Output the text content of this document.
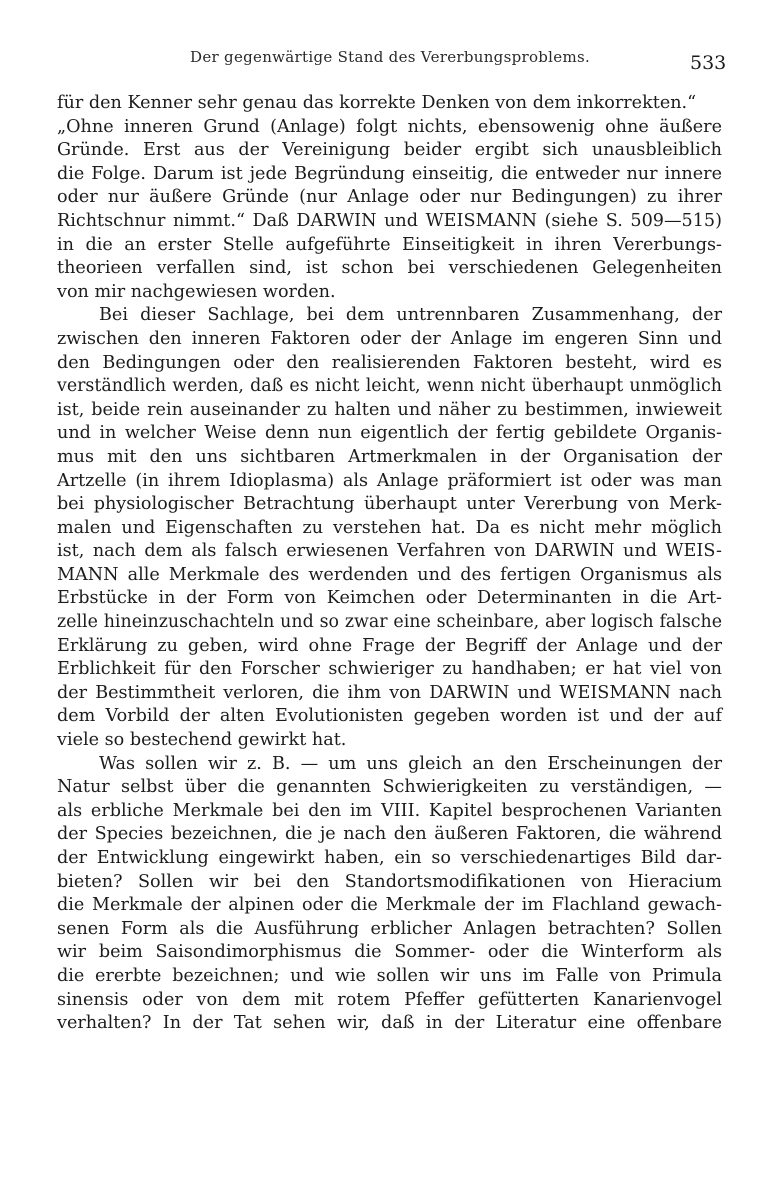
Der gegenwärtige Stand des Vererbungsproblems.	533
für den Kenner sehr genau das korrekte Denken von dem inkorrekten.“
„Ohne inneren Grund (Anlage) folgt nichts, ebensowenig ohne äußere
Gründe. Erst aus der Vereinigung beider ergibt sich unausbleiblich
die Folge. Darum ist jede Begründung einseitig, die entweder nur innere
oder nur äußere Gründe (nur Anlage oder nur Bedingungen) zu ihrer
Richtschnur nimmt.“ Daß DARWIN und WEISMANN (siehe S. 509—515)
in die an erster Stelle aufgeführte Einseitigkeit in ihren Vererbungs-
theorieen verfallen sind, ist schon bei verschiedenen Gelegenheiten
von mir nachgewiesen worden.
Bei dieser Sachlage, bei dem untrennbaren Zusammenhang, der
zwischen den inneren Faktoren oder der Anlage im engeren Sinn und
den Bedingungen oder den realisierenden Faktoren besteht, wird es
verständlich werden, daß es nicht leicht, wenn nicht überhaupt unmöglich
ist, beide rein auseinander zu halten und näher zu bestimmen, inwieweit
und in welcher Weise denn nun eigentlich der fertig gebildete Organis-
mus mit den uns sichtbaren Artmerkmalen in der Organisation der
Artzelle (in ihrem Idioplasma) als Anlage präformiert ist oder was man
bei physiologischer Betrachtung überhaupt unter Vererbung von Merk-
malen und Eigenschaften zu verstehen hat. Da es nicht mehr möglich
ist, nach dem als falsch erwiesenen Verfahren von DARWIN und WEIS-
MANN alle Merkmale des werdenden und des fertigen Organismus als
Erbstücke in der Form von Keimchen oder Determinanten in die Art-
zelle hineinzuschachteln und so zwar eine scheinbare, aber logisch falsche
Erklärung zu geben, wird ohne Frage der Begriff der Anlage und der
Erblichkeit für den Forscher schwieriger zu handhaben; er hat viel von
der Bestimmtheit verloren, die ihm von DARWIN und WEISMANN nach
dem Vorbild der alten Evolutionisten gegeben worden ist und der auf
viele so bestechend gewirkt hat.
Was sollen wir z. B. — um uns gleich an den Erscheinungen der
Natur selbst über die genannten Schwierigkeiten zu verständigen, —
als erbliche Merkmale bei den im VIII. Kapitel besprochenen Varianten
der Species bezeichnen, die je nach den äußeren Faktoren, die während
der Entwicklung eingewirkt haben, ein so verschiedenartiges Bild dar-
bieten? Sollen wir bei den Standortsmodifikationen von Hieracium
die Merkmale der alpinen oder die Merkmale der im Flachland gewach-
senen Form als die Ausführung erblicher Anlagen betrachten? Sollen
wir beim Saisondimorphismus die Sommer- oder die Winterform als
die ererbte bezeichnen; und wie sollen wir uns im Falle von Primula
sinensis oder von dem mit rotem Pfeffer gefütterten Kanarienvogel
verhalten? In der Tat sehen wir, daß in der Literatur eine offenbare
